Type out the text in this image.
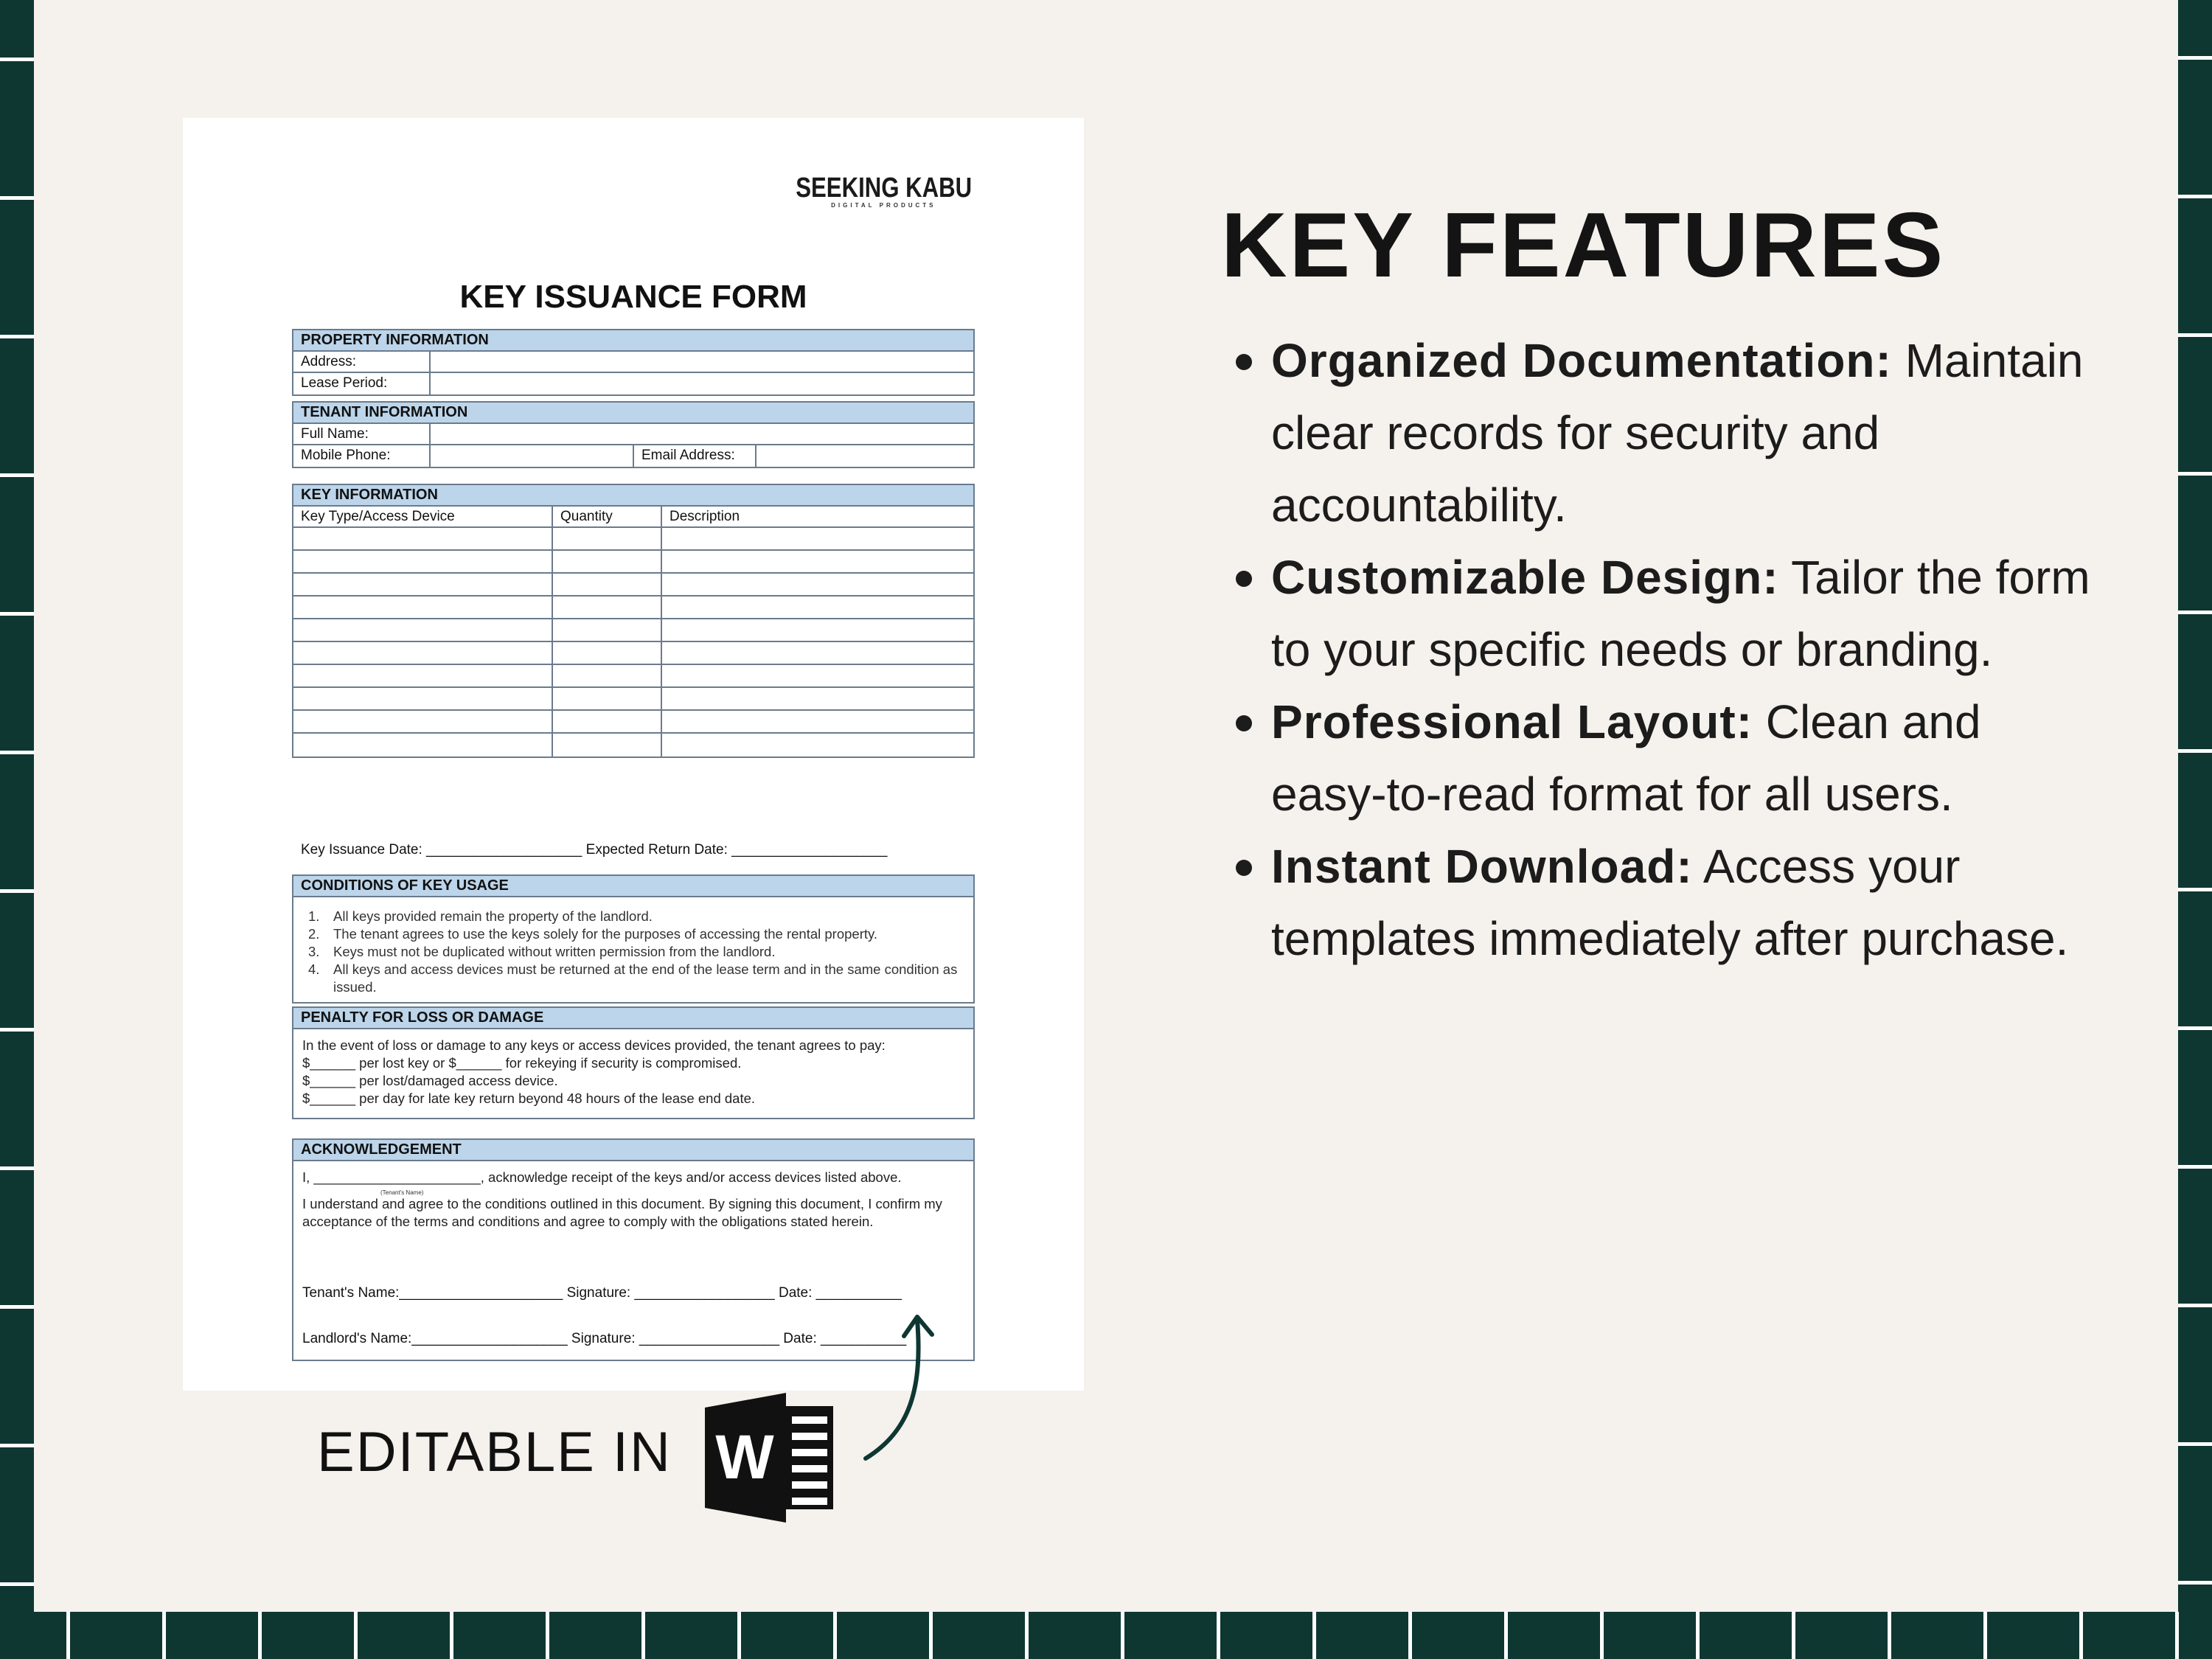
SEEKING KABU
DIGITAL PRODUCTS
KEY ISSUANCE FORM
PROPERTY INFORMATION
Address:
Lease Period:
TENANT INFORMATION
Full Name:
Mobile Phone:	Email Address:
KEY INFORMATION
Key Type/Access Device	Quantity	Description
Key Issuance Date: ____________________ Expected Return Date: ____________________
CONDITIONS OF KEY USAGE
1. All keys provided remain the property of the landlord.
2. The tenant agrees to use the keys solely for the purposes of accessing the rental property.
3. Keys must not be duplicated without written permission from the landlord.
4. All keys and access devices must be returned at the end of the lease term and in the same condition as issued.
PENALTY FOR LOSS OR DAMAGE
In the event of loss or damage to any keys or access devices provided, the tenant agrees to pay:
$______ per lost key or $______ for rekeying if security is compromised.
$______ per lost/damaged access device.
$______ per day for late key return beyond 48 hours of the lease end date.
ACKNOWLEDGEMENT
I, ______________________, acknowledge receipt of the keys and/or access devices listed above.
(Tenant's Name)
I understand and agree to the conditions outlined in this document. By signing this document, I confirm my acceptance of the terms and conditions and agree to comply with the obligations stated herein.
Tenant's Name:_____________________ Signature: __________________ Date: ___________
Landlord's Name:____________________ Signature: __________________ Date: ___________
EDITABLE IN W
KEY FEATURES
Organized Documentation: Maintain clear records for security and accountability.
Customizable Design: Tailor the form to your specific needs or branding.
Professional Layout: Clean and easy-to-read format for all users.
Instant Download: Access your templates immediately after purchase.
